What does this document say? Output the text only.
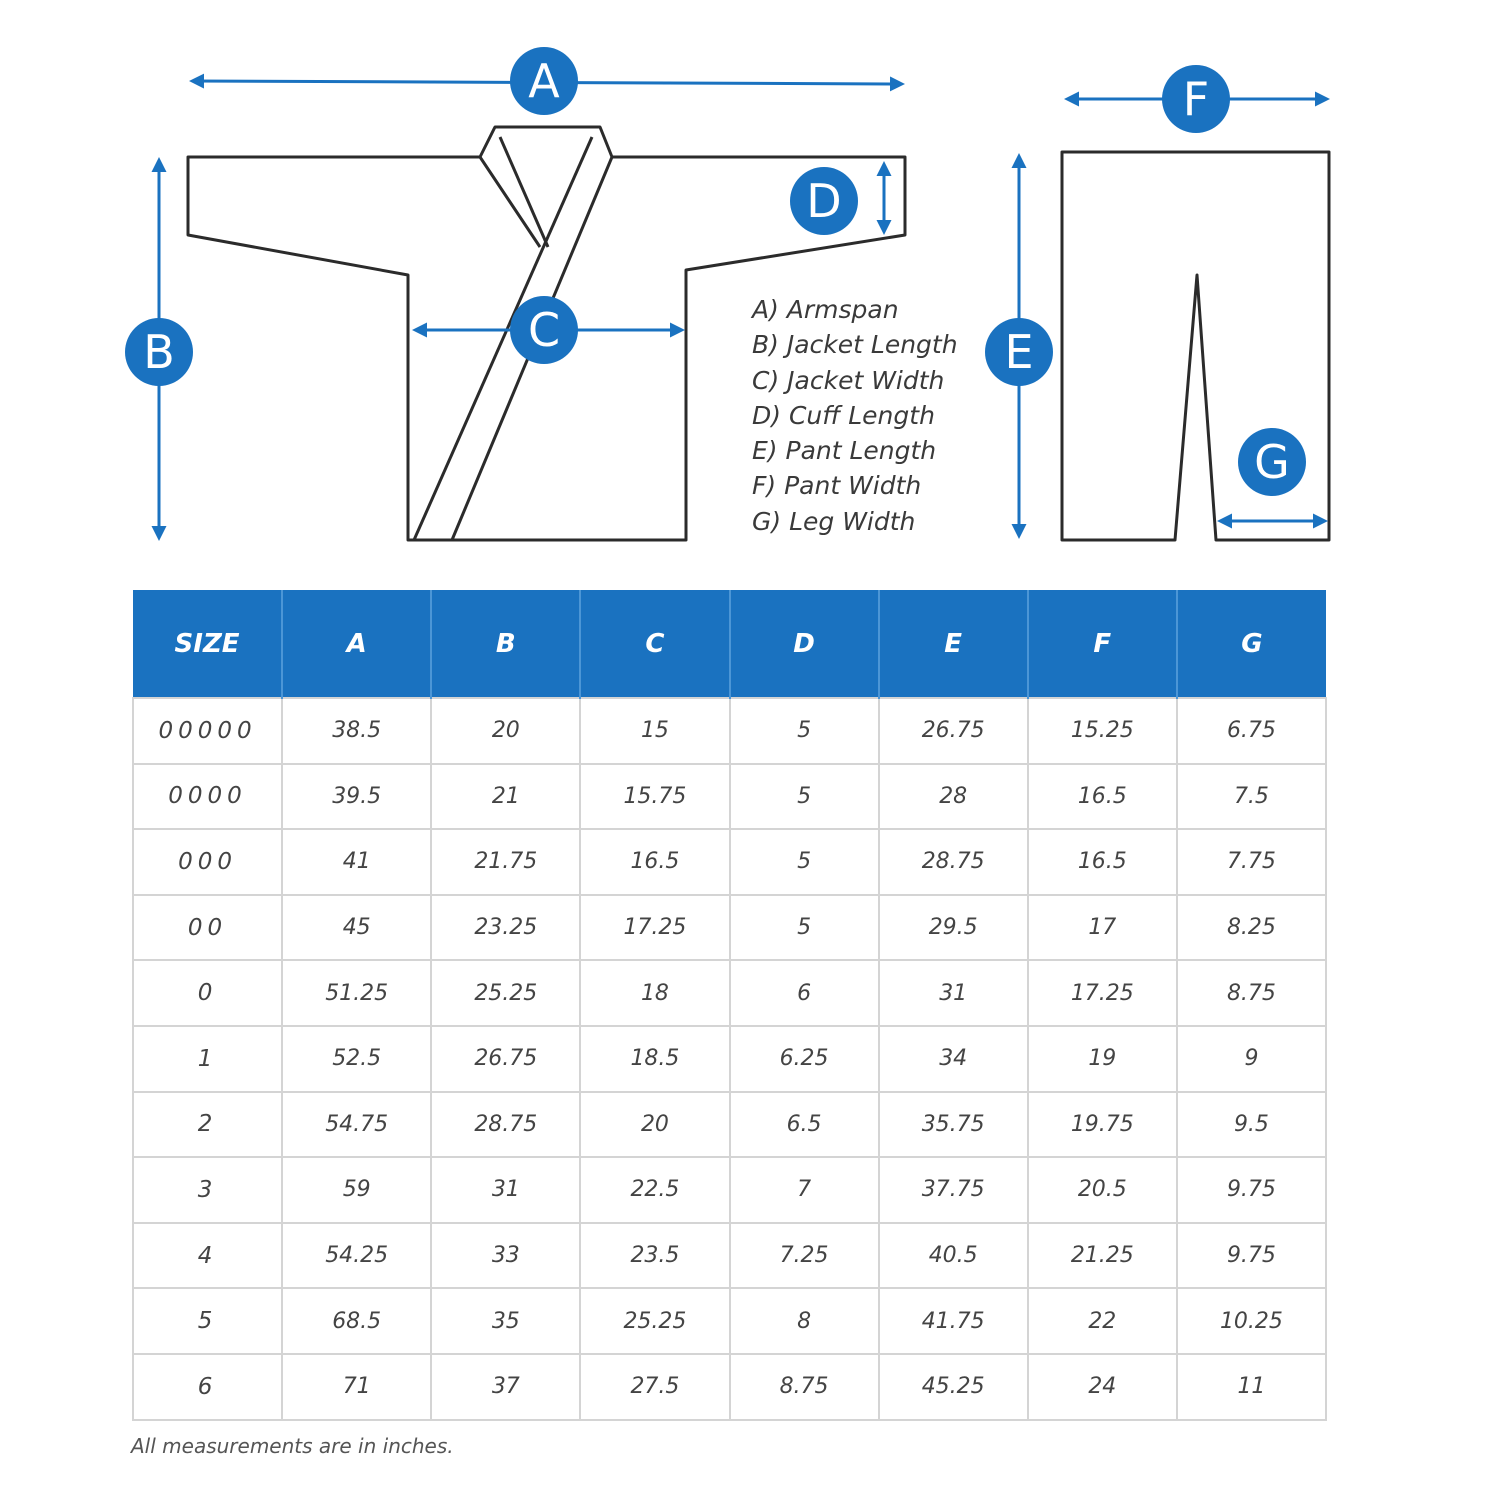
A
B	C
D
E
F
G
A) Armspan
B) Jacket Length
C) Jacket Width
D) Cuff Length
E) Pant Length
F) Pant Width
G) Leg Width
SIZE	A	B	C	D	E	F	G
00000	38.5	20	15	5	26.75	15.25	6.75
0000	39.5	21	15.75	5	28	16.5	7.5
000	41	21.75	16.5	5	28.75	16.5	7.75
00	45	23.25	17.25	5	29.5	17	8.25
0	51.25	25.25	18	6	31	17.25	8.75
1	52.5	26.75	18.5	6.25	34	19	9
2	54.75	28.75	20	6.5	35.75	19.75	9.5
3	59	31	22.5	7	37.75	20.5	9.75
4	54.25	33	23.5	7.25	40.5	21.25	9.75
5	68.5	35	25.25	8	41.75	22	10.25
6	71	37	27.5	8.75	45.25	24	11
All measurements are in inches.
